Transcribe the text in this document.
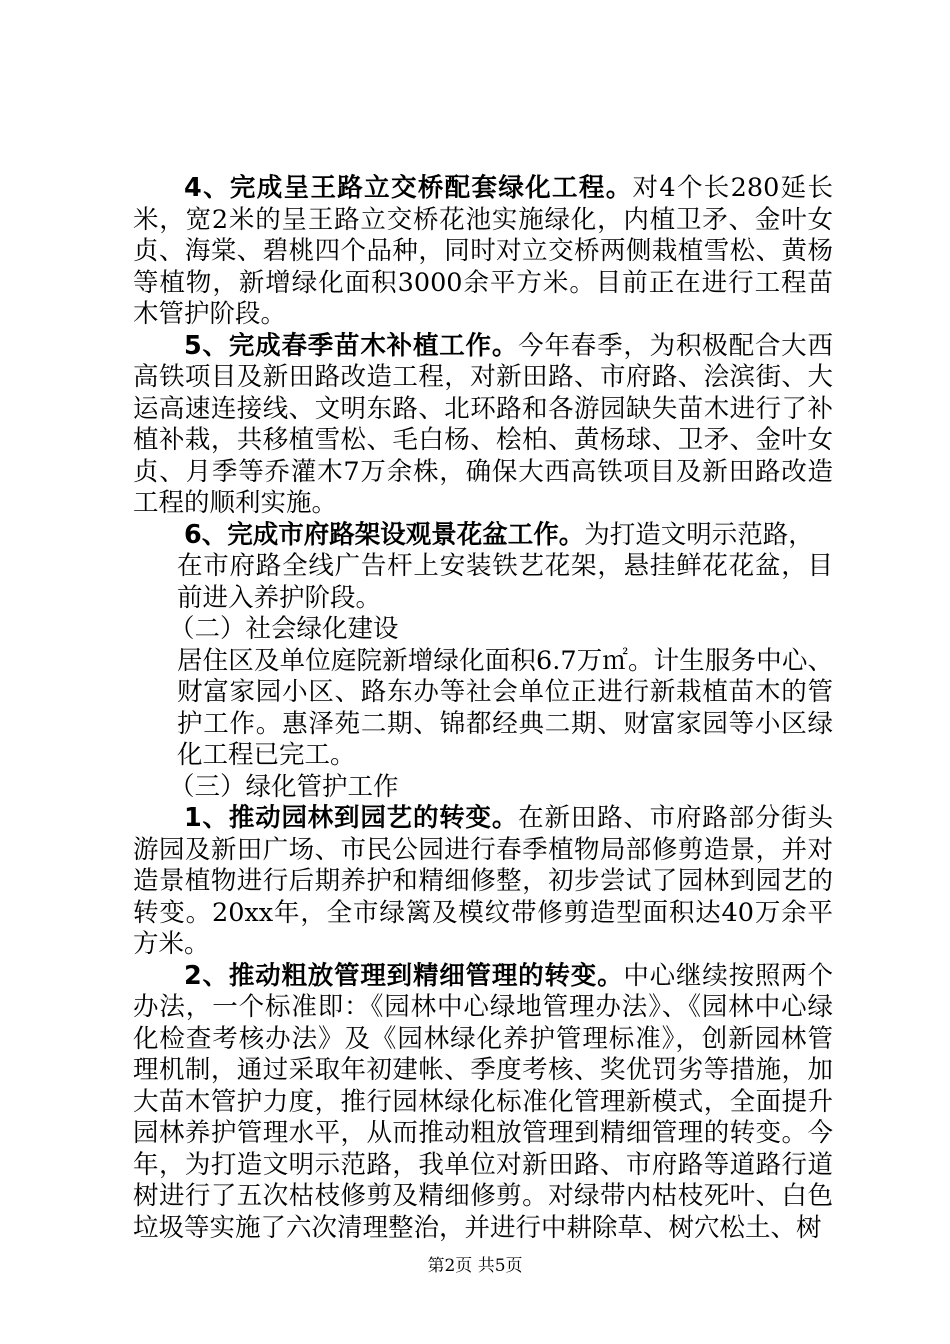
4、完成呈王路立交桥配套绿化工程。对4个长280延长米，宽2米的呈王路立交桥花池实施绿化，内植卫矛、金叶女贞、海棠、碧桃四个品种，同时对立交桥两侧栽植雪松、黄杨等植物，新增绿化面积3000余平方米。目前正在进行工程苗木管护阶段。

5、完成春季苗木补植工作。今年春季，为积极配合大西高铁项目及新田路改造工程，对新田路、市府路、浍滨街、大运高速连接线、文明东路、北环路和各游园缺失苗木进行了补植补栽，共移植雪松、毛白杨、桧柏、黄杨球、卫矛、金叶女贞、月季等乔灌木7万余株，确保大西高铁项目及新田路改造工程的顺利实施。

6、完成市府路架设观景花盆工作。为打造文明示范路，

在市府路全线广告杆上安装铁艺花架，悬挂鲜花花盆，目前进入养护阶段。

（二）社会绿化建设

居住区及单位庭院新增绿化面积6.7万㎡。计生服务中心、财富家园小区、路东办等社会单位正进行新栽植苗木的管护工作。惠泽苑二期、锦都经典二期、财富家园等小区绿化工程已完工。

（三）绿化管护工作

1、推动园林到园艺的转变。在新田路、市府路部分街头游园及新田广场、市民公园进行春季植物局部修剪造景，并对造景植物进行后期养护和精细修整，初步尝试了园林到园艺的转变。20xx年，全市绿篱及模纹带修剪造型面积达40万余平方米。

2、推动粗放管理到精细管理的转变。中心继续按照两个办法，一个标准即：《园林中心绿地管理办法》、《园林中心绿化检查考核办法》及《园林绿化养护管理标准》，创新园林管理机制，通过采取年初建帐、季度考核、奖优罚劣等措施，加大苗木管护力度，推行园林绿化标准化管理新模式，全面提升园林养护管理水平，从而推动粗放管理到精细管理的转变。今年，为打造文明示范路，我单位对新田路、市府路等道路行道树进行了五次枯枝修剪及精细修剪。对绿带内枯枝死叶、白色垃圾等实施了六次清理整治，并进行中耕除草、树穴松土、树

第2页 共5页
